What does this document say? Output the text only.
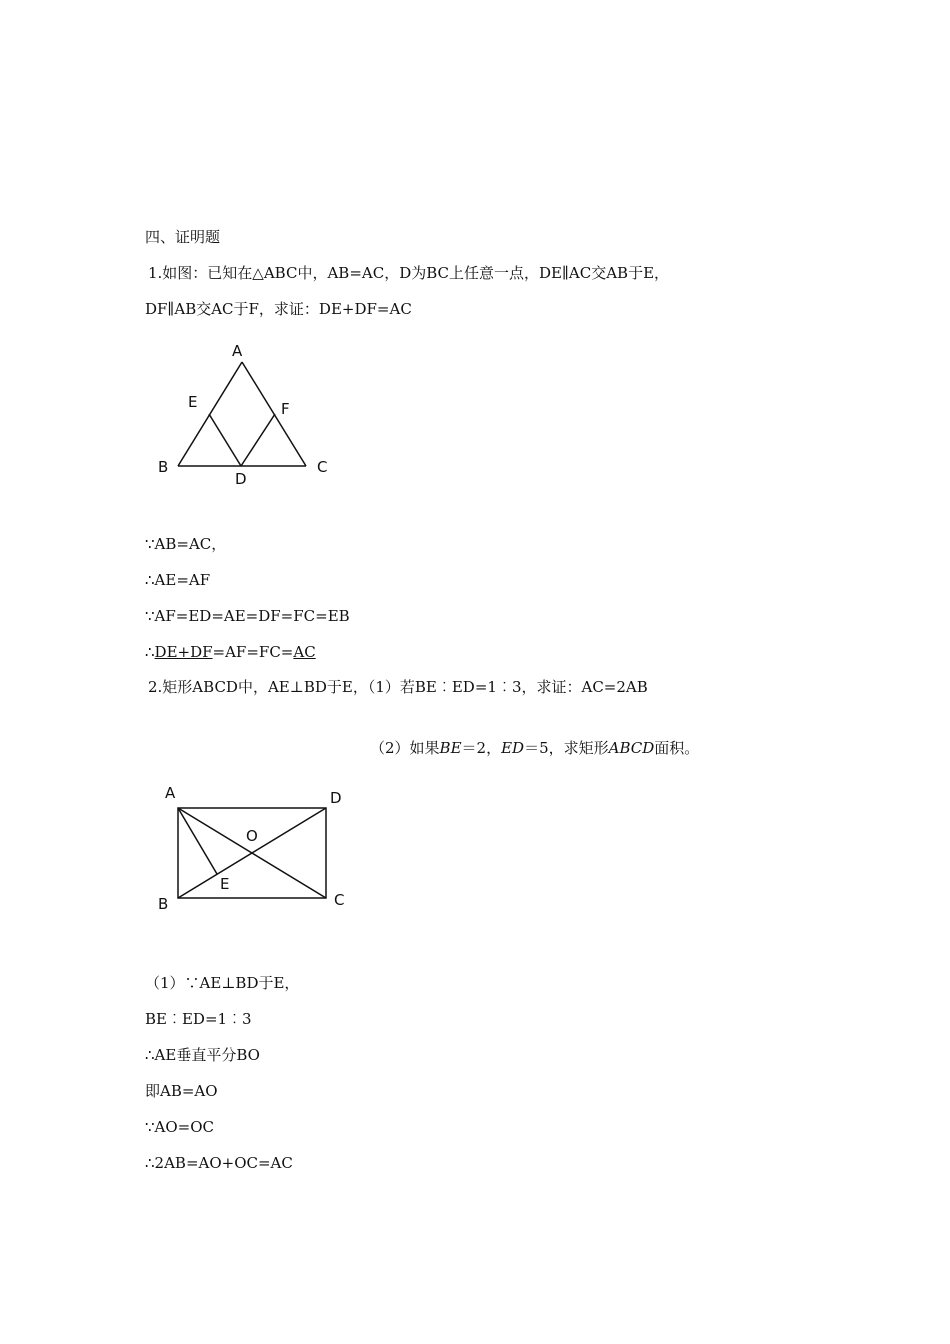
四、证明题
1.如图：已知在△ABC中，AB=AC，D为BC上任意一点，DE∥AC交AB于E，
DF∥AB交AC于F，求证：DE+DF=AC
A
E	F
B
D
C
∵AB=AC，
∴AE=AF
∵AF=ED=AE=DF=FC=EB
∴DE+DF=AF=FC=AC
2.矩形ABCD中，AE⊥BD于E，（1）若BE︰ED=1︰3，求证：AC=2AB
（2）如果BE＝2，ED＝5，求矩形ABCD面积。
A	D
O
E
B	C
（1）∵AE⊥BD于E，
BE︰ED=1︰3
∴AE垂直平分BO
即AB=AO
∵AO=OC
∴2AB=AO+OC=AC
